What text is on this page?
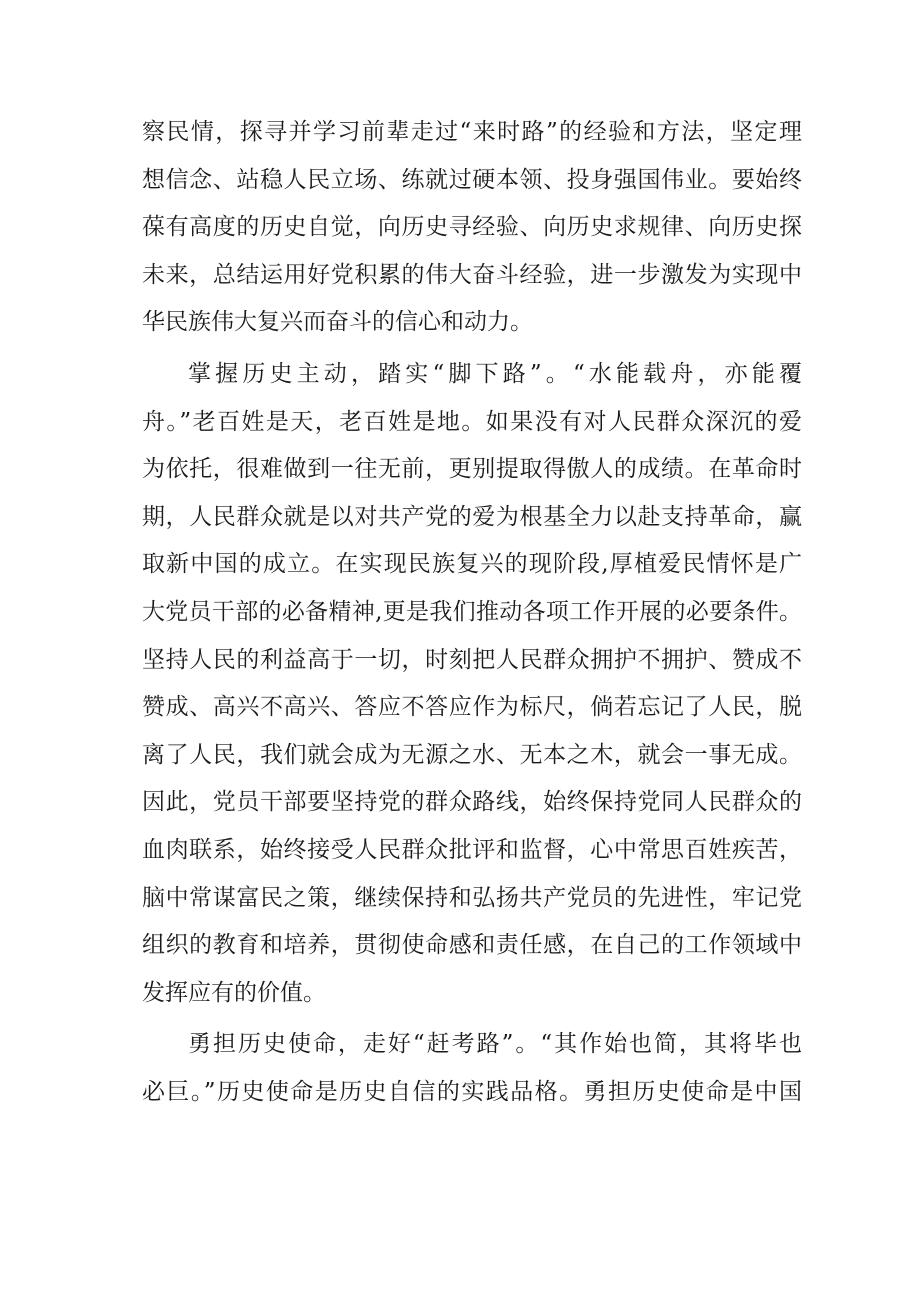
察民情，探寻并学习前辈走过“来时路”的经验和方法，坚定理
想信念、站稳人民立场、练就过硬本领、投身强国伟业。要始终
葆有高度的历史自觉，向历史寻经验、向历史求规律、向历史探
未来，总结运用好党积累的伟大奋斗经验，进一步激发为实现中
华民族伟大复兴而奋斗的信心和动力。
掌握历史主动，踏实“脚下路”。“水能载舟，亦能覆
舟。”老百姓是天，老百姓是地。如果没有对人民群众深沉的爱
为依托，很难做到一往无前，更别提取得傲人的成绩。在革命时
期，人民群众就是以对共产党的爱为根基全力以赴支持革命，赢
取新中国的成立。在实现民族复兴的现阶段,厚植爱民情怀是广
大党员干部的必备精神,更是我们推动各项工作开展的必要条件。
坚持人民的利益高于一切，时刻把人民群众拥护不拥护、赞成不
赞成、高兴不高兴、答应不答应作为标尺，倘若忘记了人民，脱
离了人民，我们就会成为无源之水、无本之木，就会一事无成。
因此，党员干部要坚持党的群众路线，始终保持党同人民群众的
血肉联系，始终接受人民群众批评和监督，心中常思百姓疾苦，
脑中常谋富民之策，继续保持和弘扬共产党员的先进性，牢记党
组织的教育和培养，贯彻使命感和责任感，在自己的工作领域中
发挥应有的价值。
勇担历史使命，走好“赶考路”。“其作始也简，其将毕也
必巨。”历史使命是历史自信的实践品格。勇担历史使命是中国
